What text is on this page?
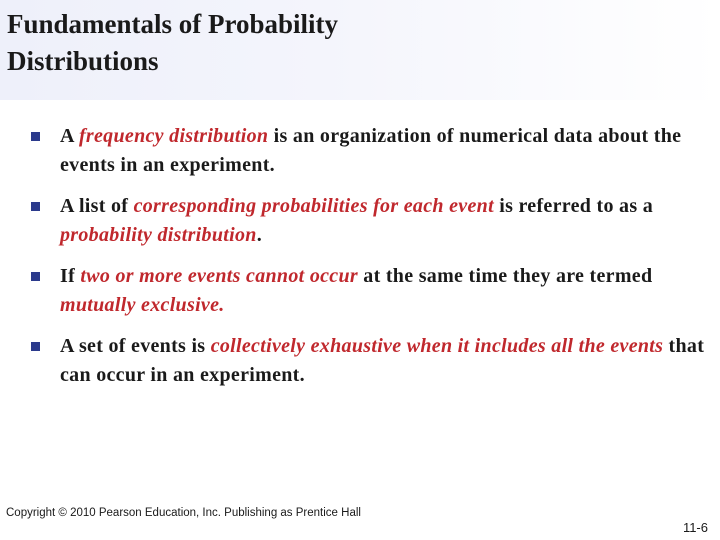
Fundamentals of Probability
Distributions
A frequency distribution is an organization of numerical data about the events in an experiment.
A list of corresponding probabilities for each event is referred to as a probability distribution.
If two or more events cannot occur at the same time they are termed mutually exclusive.
A set of events is collectively exhaustive when it includes all the events that can occur in an experiment.
Copyright © 2010 Pearson Education, Inc. Publishing as Prentice Hall
11-6
